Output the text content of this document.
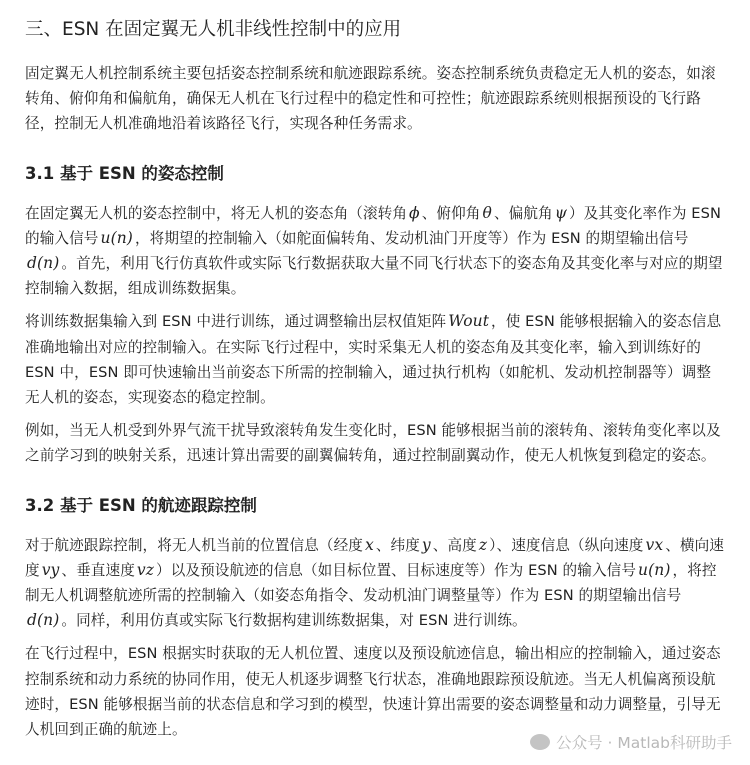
三、ESN 在固定翼无人机非线性控制中的应用

固定翼无人机控制系统主要包括姿态控制系统和航迹跟踪系统。姿态控制系统负责稳定无人机的姿态，如滚转角、俯仰角和偏航角，确保无人机在飞行过程中的稳定性和可控性；航迹跟踪系统则根据预设的飞行路径，控制无人机准确地沿着该路径飞行，实现各种任务需求。

3.1 基于 ESN 的姿态控制

在固定翼无人机的姿态控制中，将无人机的姿态角（滚转角 ϕ 、俯仰角 θ 、偏航角 ψ ）及其变化率作为 ESN 的输入信号 u(n) ，将期望的控制输入（如舵面偏转角、发动机油门开度等）作为 ESN 的期望输出信号d(n) 。首先，利用飞行仿真软件或实际飞行数据获取大量不同飞行状态下的姿态角及其变化率与对应的期望控制输入数据，组成训练数据集。

将训练数据集输入到 ESN 中进行训练，通过调整输出层权值矩阵 Wout ，使 ESN 能够根据输入的姿态信息准确地输出对应的控制输入。在实际飞行过程中，实时采集无人机的姿态角及其变化率，输入到训练好的 ESN 中，ESN 即可快速输出当前姿态下所需的控制输入，通过执行机构（如舵机、发动机控制器等）调整无人机的姿态，实现姿态的稳定控制。

例如，当无人机受到外界气流干扰导致滚转角发生变化时，ESN 能够根据当前的滚转角、滚转角变化率以及之前学习到的映射关系，迅速计算出需要的副翼偏转角，通过控制副翼动作，使无人机恢复到稳定的姿态。

3.2 基于 ESN 的航迹跟踪控制

对于航迹跟踪控制，将无人机当前的位置信息（经度 x 、纬度 y 、高度 z ）、速度信息（纵向速度 vx 、横向速度 vy 、垂直速度 vz ）以及预设航迹的信息（如目标位置、目标速度等）作为 ESN 的输入信号 u(n) ，将控制无人机调整航迹所需的控制输入（如姿态角指令、发动机油门调整量等）作为 ESN 的期望输出信号d(n) 。同样，利用仿真或实际飞行数据构建训练数据集，对 ESN 进行训练。

在飞行过程中，ESN 根据实时获取的无人机位置、速度以及预设航迹信息，输出相应的控制输入，通过姿态控制系统和动力系统的协同作用，使无人机逐步调整飞行状态，准确地跟踪预设航迹。当无人机偏离预设航迹时，ESN 能够根据当前的状态信息和学习到的模型，快速计算出需要的姿态调整量和动力调整量，引导无人机回到正确的航迹上。

公众号 · Matlab科研助手
